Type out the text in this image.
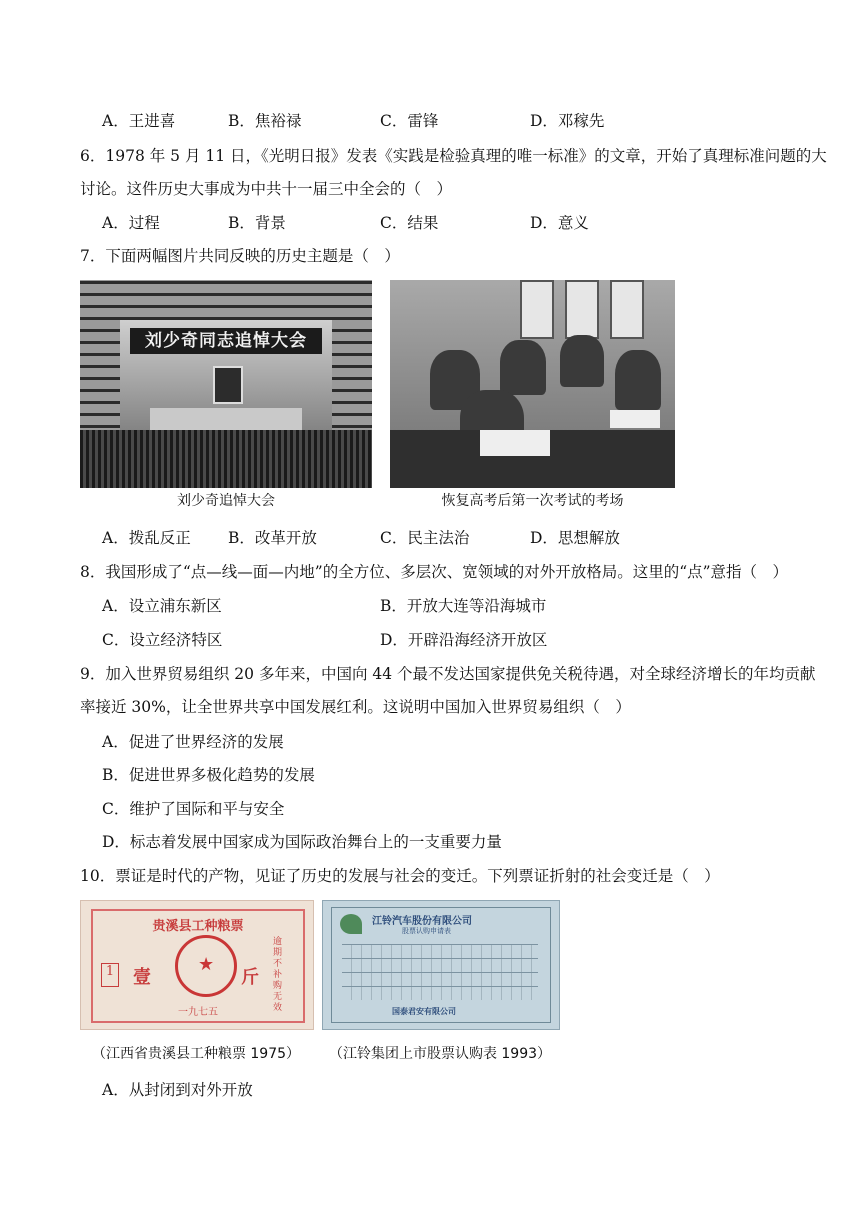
A．王进喜	B．焦裕禄	C．雷锋	D．邓稼先
6．1978 年 5 月 11 日，《光明日报》发表《实践是检验真理的唯一标准》的文章，开始了真理标准问题的大
讨论。这件历史大事成为中共十一届三中全会的（　）
A．过程	B．背景	C．结果	D．意义
7．下面两幅图片共同反映的历史主题是（　）
刘少奇同志追悼大会
刘少奇追悼大会	恢复高考后第一次考试的考场
A．拨乱反正 B．改革开放	C．民主法治	D．思想解放
8．我国形成了“点—线—面—内地”的全方位、多层次、宽领域的对外开放格局。这里的“点”意指（　）
A．设立浦东新区	B．开放大连等沿海城市
C．设立经济特区	D．开辟沿海经济开放区
9．加入世界贸易组织 20 多年来，中国向 44 个最不发达国家提供免关税待遇，对全球经济增长的年均贡献
率接近 30%，让全世界共享中国发展红利。这说明中国加入世界贸易组织（　）
A．促进了世界经济的发展
B．促进世界多极化趋势的发展
C．维护了国际和平与安全
D．标志着发展中国家成为国际政治舞台上的一支重要力量
10．票证是时代的产物，见证了历史的发展与社会的变迁。下列票证折射的社会变迁是（　）
贵溪县工种粮票
1 壹
★
斤
逾期不补购无效
一九七五
江铃汽车股份有限公司
股票认购申请表
国泰君安有限公司
（江西省贵溪县工种粮票 1975）	（江铃集团上市股票认购表 1993）
A．从封闭到对外开放
